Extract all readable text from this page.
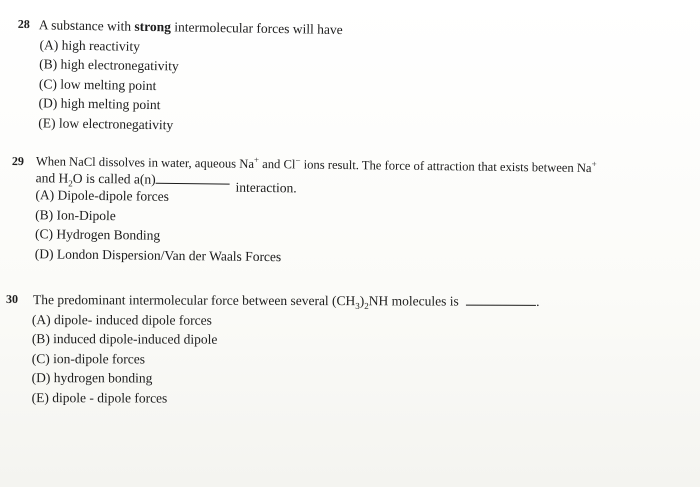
28 A substance with strong intermolecular forces will have
(A) high reactivity
(B) high electronegativity
(C) low melting point
(D) high melting point
(E) low electronegativity
29 When NaCl dissolves in water, aqueous Na+ and Cl− ions result. The force of attraction that exists between Na+
and $H_2O$ is called a(n)interaction.
(A) Dipole-dipole forces
(B) Ion-Dipole
(C) Hydrogen Bonding
(D) London Dispersion/Van der Waals Forces
30 The predominant intermolecular force between several $(CH_3)_2NH$ molecules is	.
(A) dipole- induced dipole forces
(B) induced dipole-induced dipole
(C) ion-dipole forces
(D) hydrogen bonding
(E) dipole - dipole forces
